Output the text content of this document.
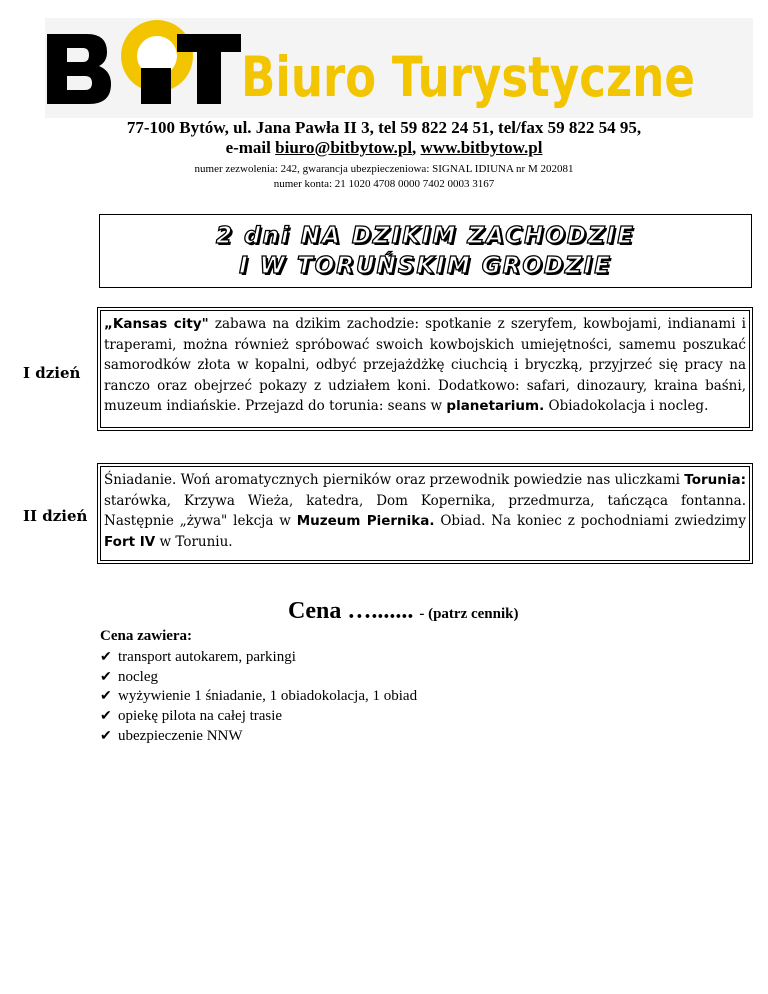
Biuro Turystyczne
77-100 Bytów, ul. Jana Pawła II 3, tel 59 822 24 51, tel/fax 59 822 54 95,
e-mail biuro@bitbytow.pl, www.bitbytow.pl
numer zezwolenia: 242, gwarancja ubezpieczeniowa: SIGNAL IDIUNA nr M 202081
numer konta: 21 1020 4708 0000 7402 0003 3167
2 dni NA DZIKIM ZACHODZIE
I W TORUŃSKIM GRODZIE
I dzień
„Kansas city" zabawa na dzikim zachodzie: spotkanie z szeryfem, kowbojami, indianami i traperami, można również spróbować swoich kowbojskich umiejętności, samemu poszukać samorodków złota w kopalni, odbyć przejażdżkę ciuchcią i bryczką, przyjrzeć się pracy na ranczo oraz obejrzeć pokazy z udziałem koni. Dodatkowo: safari, dinozaury, kraina baśni, muzeum indiańskie. Przejazd do torunia: seans w planetarium. Obiadokolacja i nocleg.
II dzień
Śniadanie. Woń aromatycznych pierników oraz przewodnik powiedzie nas uliczkami Torunia: starówka, Krzywa Wieża, katedra, Dom Kopernika, przedmurza, tańcząca fontanna. Następnie „żywa" lekcja w Muzeum Piernika. Obiad. Na koniec z pochodniami zwiedzimy Fort IV w Toruniu.
Cena …....... - (patrz cennik)
Cena zawiera:
✔ transport autokarem, parkingi
✔ nocleg
✔ wyżywienie 1 śniadanie, 1 obiadokolacja, 1 obiad
✔ opiekę pilota na całej trasie
✔ ubezpieczenie NNW
